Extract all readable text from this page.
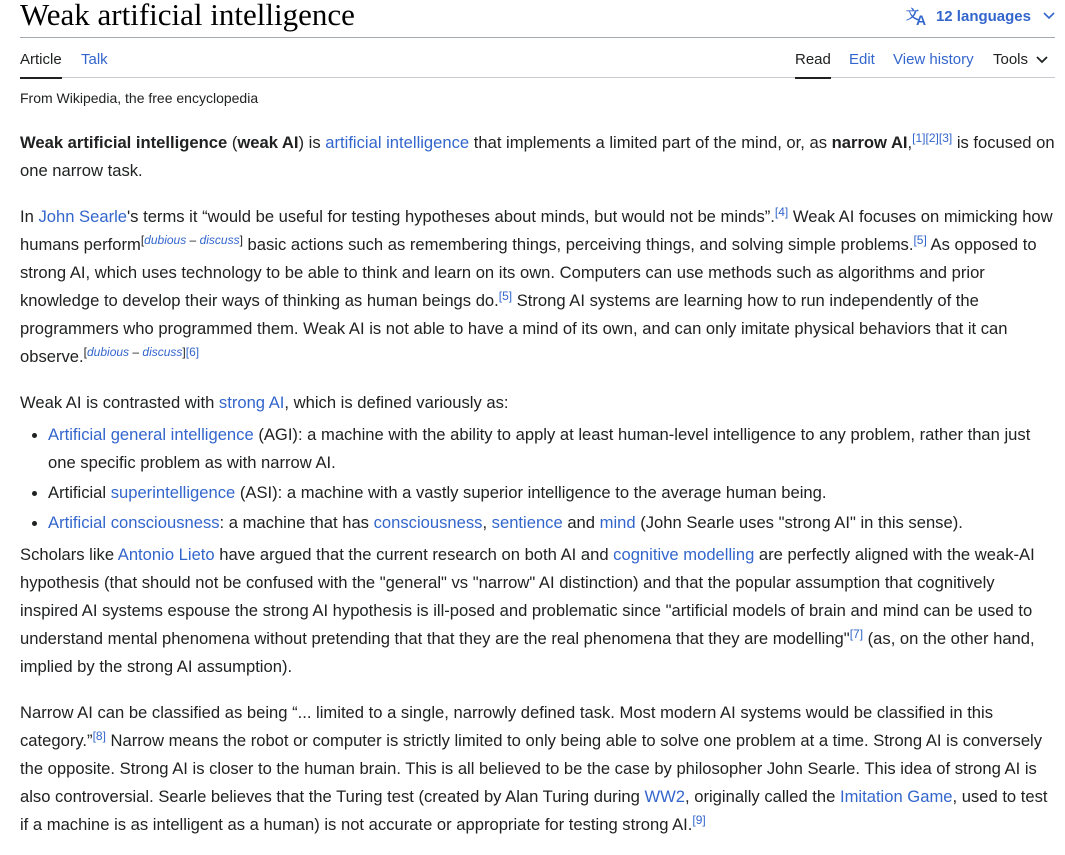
Weak artificial intelligence	文
A 12 languages
Article Talk	Read Edit View history Tools
From Wikipedia, the free encyclopedia

Weak artificial intelligence (weak AI) is artificial intelligence that implements a limited part of the mind, or, as narrow AI,[1][2][3] is focused on one narrow task.

In John Searle's terms it “would be useful for testing hypotheses about minds, but would not be minds”.[4] Weak AI focuses on mimicking how humans perform[dubious – discuss] basic actions such as remembering things, perceiving things, and solving simple problems.[5] As opposed to strong AI, which uses technology to be able to think and learn on its own. Computers can use methods such as algorithms and prior knowledge to develop their ways of thinking as human beings do.[5] Strong AI systems are learning how to run independently of the programmers who programmed them. Weak AI is not able to have a mind of its own, and can only imitate physical behaviors that it can observe.[dubious – discuss][6]

Weak AI is contrasted with strong AI, which is defined variously as:

Artificial general intelligence (AGI): a machine with the ability to apply at least human-level intelligence to any problem, rather than just one specific problem as with narrow AI.
Artificial superintelligence (ASI): a machine with a vastly superior intelligence to the average human being.
Artificial consciousness: a machine that has consciousness, sentience and mind (John Searle uses "strong AI" in this sense).

Scholars like Antonio Lieto have argued that the current research on both AI and cognitive modelling are perfectly aligned with the weak-AI hypothesis (that should not be confused with the "general" vs "narrow" AI distinction) and that the popular assumption that cognitively inspired AI systems espouse the strong AI hypothesis is ill-posed and problematic since "artificial models of brain and mind can be used to understand mental phenomena without pretending that that they are the real phenomena that they are modelling"[7] (as, on the other hand, implied by the strong AI assumption).

Narrow AI can be classified as being “... limited to a single, narrowly defined task. Most modern AI systems would be classified in this category.”[8] Narrow means the robot or computer is strictly limited to only being able to solve one problem at a time. Strong AI is conversely the opposite. Strong AI is closer to the human brain. This is all believed to be the case by philosopher John Searle. This idea of strong AI is also controversial. Searle believes that the Turing test (created by Alan Turing during WW2, originally called the Imitation Game, used to test if a machine is as intelligent as a human) is not accurate or appropriate for testing strong AI.[9]
